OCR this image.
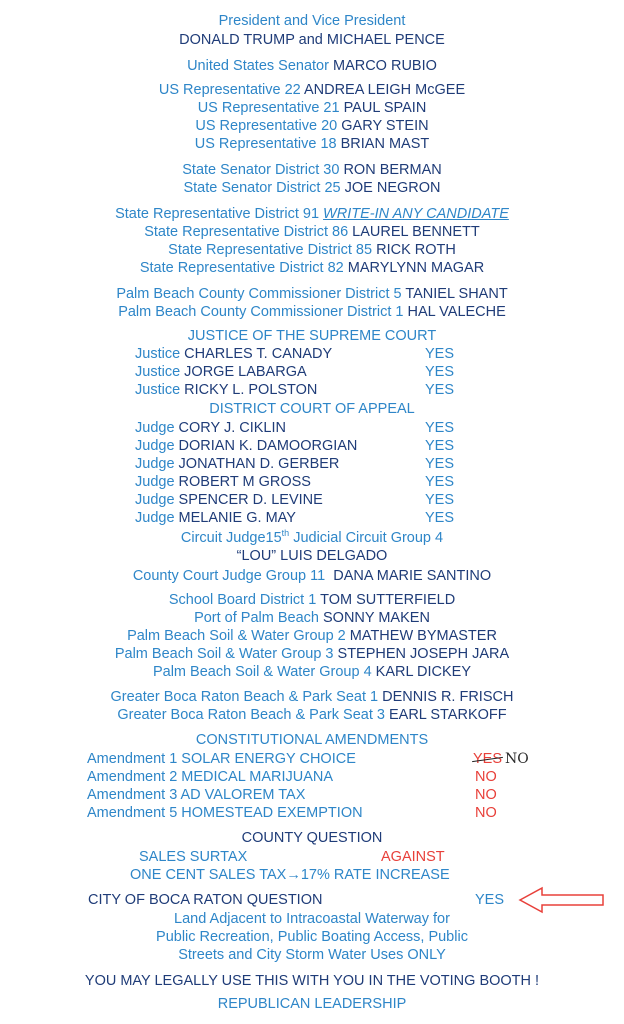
President and Vice President
DONALD TRUMP and MICHAEL PENCE
United States Senator MARCO RUBIO
US Representative 22 ANDREA LEIGH McGEE
US Representative 21 PAUL SPAIN
US Representative 20 GARY STEIN
US Representative 18 BRIAN MAST
State Senator District 30 RON BERMAN
State Senator District 25 JOE NEGRON
State Representative District 91 WRITE-IN ANY CANDIDATE
State Representative District 86 LAUREL BENNETT
State Representative District 85 RICK ROTH
State Representative District 82 MARYLYNN MAGAR
Palm Beach County Commissioner District 5 TANIEL SHANT
Palm Beach County Commissioner District 1 HAL VALECHE
JUSTICE OF THE SUPREME COURT
Justice CHARLES T. CANADY	YES
Justice JORGE LABARGA	YES
Justice RICKY L. POLSTON	YES
DISTRICT COURT OF APPEAL
Judge CORY J. CIKLIN	YES
Judge DORIAN K. DAMOORGIAN	YES
Judge JONATHAN D. GERBER	YES
Judge ROBERT M GROSS	YES
Judge SPENCER D. LEVINE	YES
Judge MELANIE G. MAY	YES
Circuit Judge15th Judicial Circuit Group 4
“LOU” LUIS DELGADO
County Court Judge Group 11 DANA MARIE SANTINO
School Board District 1 TOM SUTTERFIELD
Port of Palm Beach SONNY MAKEN
Palm Beach Soil & Water Group 2 MATHEW BYMASTER
Palm Beach Soil & Water Group 3 STEPHEN JOSEPH JARA
Palm Beach Soil & Water Group 4 KARL DICKEY
Greater Boca Raton Beach & Park Seat 1 DENNIS R. FRISCH
Greater Boca Raton Beach & Park Seat 3 EARL STARKOFF
CONSTITUTIONAL AMENDMENTS
Amendment 1 SOLAR ENERGY CHOICE	YES NO
Amendment 2 MEDICAL MARIJUANA	NO
Amendment 3 AD VALOREM TAX	NO
Amendment 5 HOMESTEAD EXEMPTION	NO
COUNTY QUESTION
SALES SURTAX	AGAINST
ONE CENT SALES TAX→17% RATE INCREASE
CITY OF BOCA RATON QUESTION	YES
Land Adjacent to Intracoastal Waterway for
Public Recreation, Public Boating Access, Public
Streets and City Storm Water Uses ONLY
YOU MAY LEGALLY USE THIS WITH YOU IN THE VOTING BOOTH !
REPUBLICAN LEADERSHIP
